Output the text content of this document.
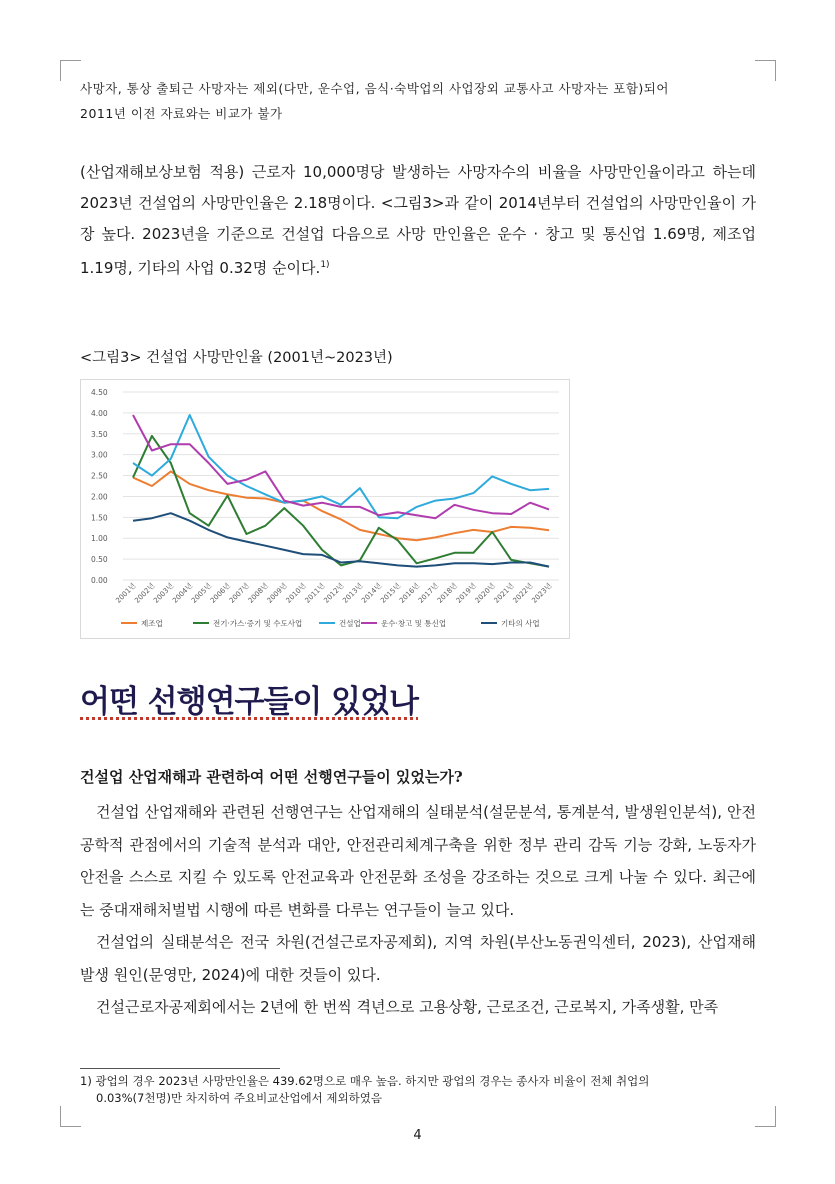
사망자, 통상 출퇴근 사망자는 제외(다만, 운수업, 음식·숙박업의 사업장외 교통사고 사망자는 포함)되어
2011년 이전 자료와는 비교가 불가
(산업재해보상보험 적용) 근로자 10,000명당 발생하는 사망자수의 비율을 사망만인율이라고 하는데 2023년 건설업의 사망만인율은 2.18명이다. <그림3>과 같이 2014년부터 건설업의 사망만인율이 가장 높다. 2023년을 기준으로 건설업 다음으로 사망 만인율은 운수 · 창고 및 통신업 1.69명, 제조업 1.19명, 기타의 사업 0.32명 순이다.$^{1)}$
<그림3> 건설업 사망만인율 (2001년~2023년)
0.00
0.50
1.00
1.50
2.00
2.50
3.00
3.50
4.00
4.50
2001년
2002년
2003년
2004년
2005년
2006년
2007년
2008년
2009년
2010년
2011년
2012년
2013년
2014년
2015년
2016년
2017년
2018년
2019년
2020년
2021년
2022년
2023년
제조업	전기·가스·증기 및 수도사업	건설업	운수·창고 및 통신업	기타의 사업
어떤 선행연구들이 있었나
건설업 산업재해과 관련하여 어떤 선행연구들이 있었는가?

건설업 산업재해와 관련된 선행연구는 산업재해의 실태분석(설문분석, 통계분석, 발생원인분석), 안전공학적 관점에서의 기술적 분석과 대안, 안전관리체계구축을 위한 정부 관리 감독 기능 강화, 노동자가 안전을 스스로 지킬 수 있도록 안전교육과 안전문화 조성을 강조하는 것으로 크게 나눌 수 있다. 최근에는 중대재해처벌법 시행에 따른 변화를 다루는 연구들이 늘고 있다.

건설업의 실태분석은 전국 차원(건설근로자공제회), 지역 차원(부산노동권익센터, 2023), 산업재해 발생 원인(문영만, 2024)에 대한 것들이 있다.

건설근로자공제회에서는 2년에 한 번씩 격년으로 고용상황, 근로조건, 근로복지, 가족생활, 만족

1) 광업의 경우 2023년 사망만인율은 439.62명으로 매우 높음. 하지만 광업의 경우는 종사자 비율이 전체 취업의
0.03%(7천명)만 차지하여 주요비교산업에서 제외하였음
4
